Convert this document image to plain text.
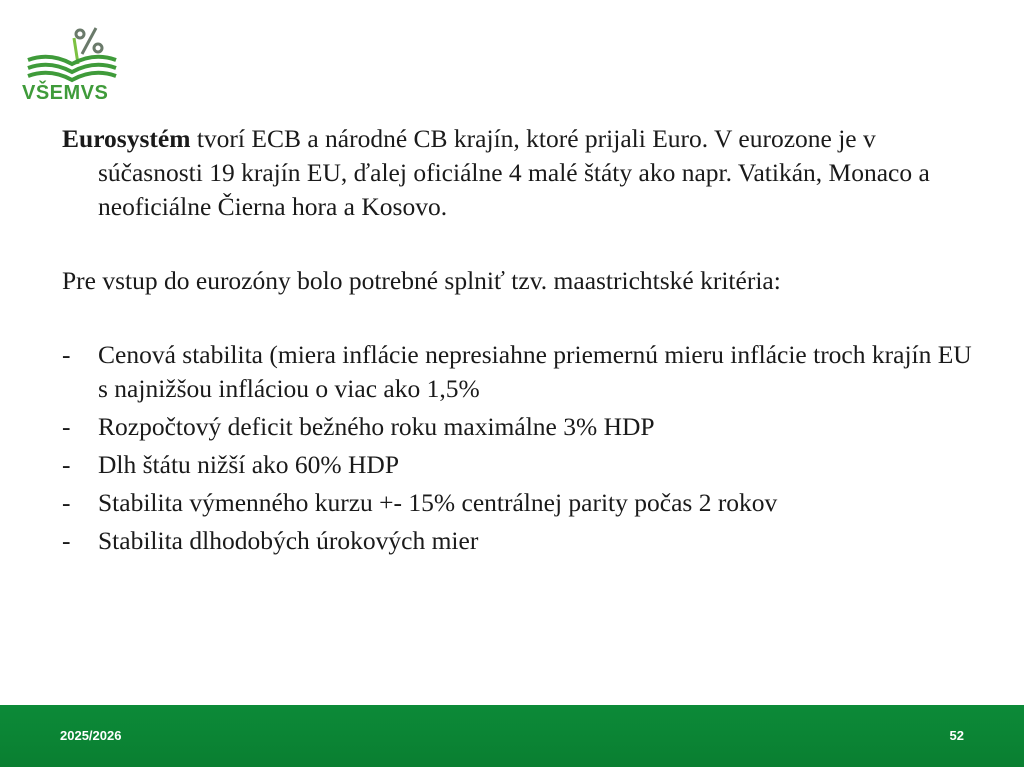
VŠEMVS
Eurosystém tvorí ECB a národné CB krajín, ktoré prijali Euro. V eurozone je v súčasnosti 19 krajín EU, ďalej oficiálne 4 malé štáty ako napr. Vatikán, Monaco a neoficiálne Čierna hora a Kosovo.
Pre vstup do eurozóny bolo potrebné splniť tzv. maastrichtské kritéria:
- Cenová stabilita (miera inflácie nepresiahne priemernú mieru inflácie troch krajín EU s najnižšou infláciou o viac ako 1,5%
- Rozpočtový deficit bežného roku maximálne 3% HDP
- Dlh štátu nižší ako 60% HDP
- Stabilita výmenného kurzu +- 15% centrálnej parity počas 2 rokov
- Stabilita dlhodobých úrokových mier
2025/2026	52
